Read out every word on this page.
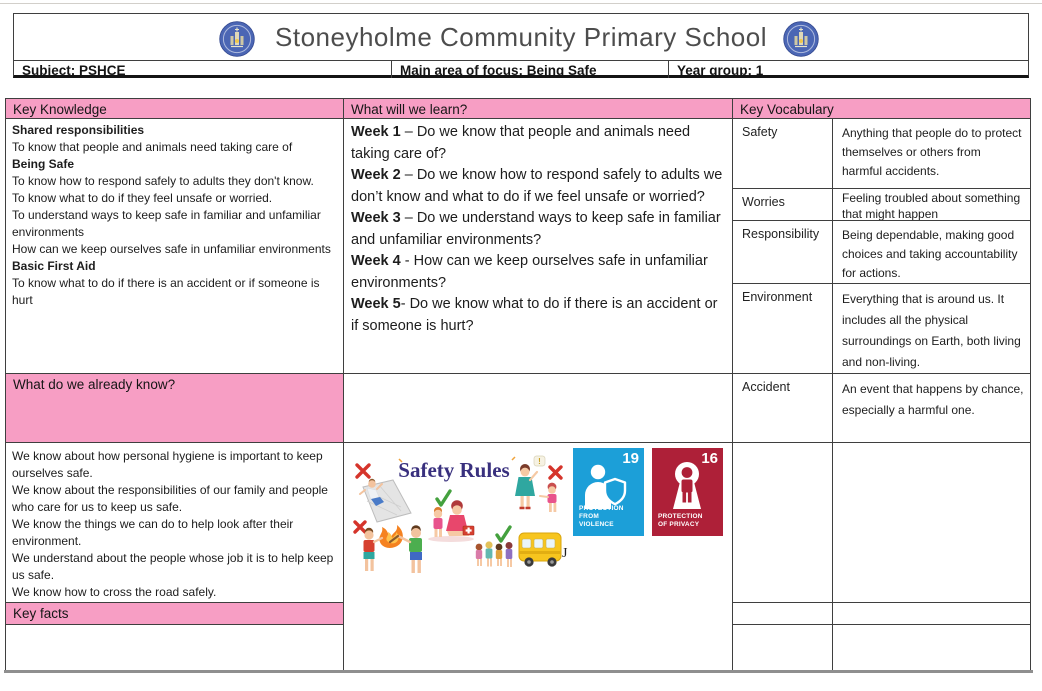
Stoneyholme Community Primary School
Subject: PSHCE	Main area of focus: Being Safe	Year group: 1
Key Knowledge
Shared responsibilities
To know that people and animals need taking care of
Being Safe
To know how to respond safely to adults they don't know.
To know what to do if they feel unsafe or worried.
To understand ways to keep safe in familiar and unfamiliar environments
How can we keep ourselves safe in unfamiliar environments
Basic First Aid
To know what to do if there is an accident or if someone is hurt
What do we already know?
We know about how personal hygiene is important to keep ourselves safe.
We know about the responsibilities of our family and people who care for us to keep us safe.
We know the things we can do to help look after their environment.
We understand about the people whose job it is to help keep us safe.
We know how to cross the road safely.
Key facts
What will we learn?

Week 1 – Do we know that people and animals need taking care of?

Week 2 – Do we know how to respond safely to adults we don’t know and what to do if we feel unsafe or worried?

Week 3 – Do we understand ways to keep safe in familiar and unfamiliar environments?

Week 4 - How can we keep ourselves safe in unfamiliar environments?

Week 5- Do we know what to do if there is an accident or if someone is hurt?

Safety Rules	!
J
19
PROTECTION FROM
VIOLENCE
16
PROTECTION
OF PRIVACY
Key Vocabulary
Safety	Anything that people do to protect themselves or others from harmful accidents.
Worries	Feeling troubled about something that might happen
Responsibility	Being dependable, making good choices and taking accountability for actions.
Environment	Everything that is around us. It includes all the physical surroundings on Earth, both living and non-living.
Accident	An event that happens by chance, especially a harmful one.
